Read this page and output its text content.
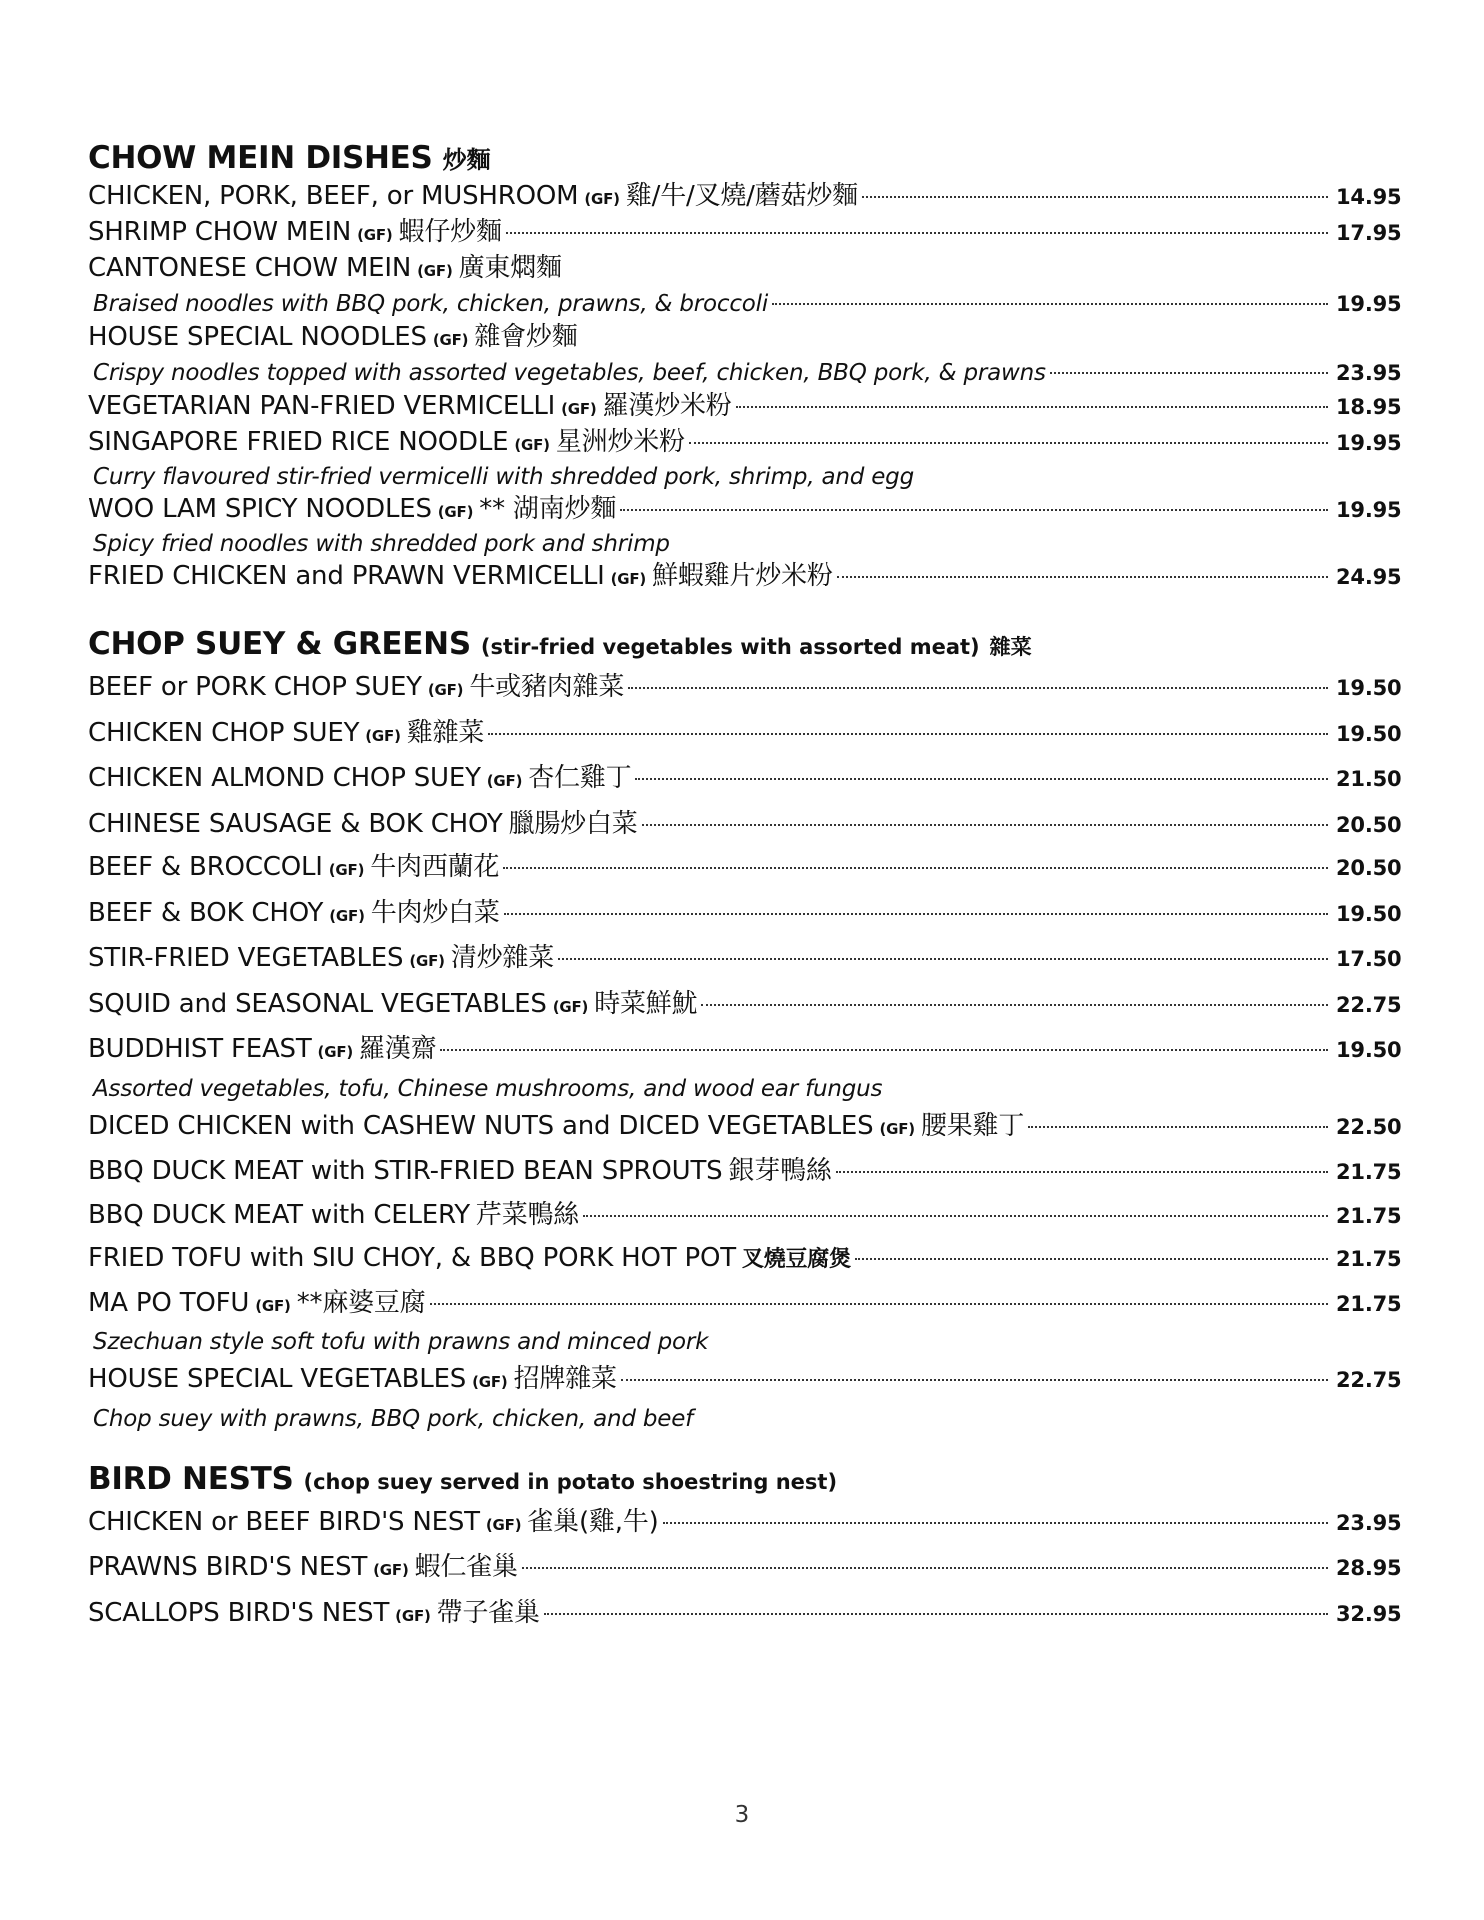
CHOW MEIN DISHES 炒麵
CHICKEN, PORK, BEEF, or MUSHROOM (GF) 雞/牛/叉燒/蘑菇炒麵	14.95
SHRIMP CHOW MEIN (GF) 蝦仔炒麵	17.95
CANTONESE CHOW MEIN (GF) 廣東燜麵
Braised noodles with BBQ pork, chicken, prawns, & broccoli	19.95
HOUSE SPECIAL NOODLES (GF) 雜會炒麵
Crispy noodles topped with assorted vegetables, beef, chicken, BBQ pork, & prawns	23.95
VEGETARIAN PAN-FRIED VERMICELLI (GF) 羅漢炒米粉	18.95
SINGAPORE FRIED RICE NOODLE (GF) 星洲炒米粉	19.95
Curry flavoured stir-fried vermicelli with shredded pork, shrimp, and egg
WOO LAM SPICY NOODLES (GF) ** 湖南炒麵	19.95
Spicy fried noodles with shredded pork and shrimp
FRIED CHICKEN and PRAWN VERMICELLI (GF) 鮮蝦雞片炒米粉	24.95
CHOP SUEY & GREENS (stir-fried vegetables with assorted meat) 雜菜
BEEF or PORK CHOP SUEY (GF) 牛或豬肉雜菜	19.50
CHICKEN CHOP SUEY (GF) 雞雜菜	19.50
CHICKEN ALMOND CHOP SUEY (GF) 杏仁雞丁	21.50
CHINESE SAUSAGE & BOK CHOY 臘腸炒白菜	20.50
BEEF & BROCCOLI (GF) 牛肉西蘭花	20.50
BEEF & BOK CHOY (GF) 牛肉炒白菜	19.50
STIR-FRIED VEGETABLES (GF) 清炒雜菜	17.50
SQUID and SEASONAL VEGETABLES (GF) 時菜鮮魷	22.75
BUDDHIST FEAST (GF) 羅漢齋	19.50
Assorted vegetables, tofu, Chinese mushrooms, and wood ear fungus
DICED CHICKEN with CASHEW NUTS and DICED VEGETABLES (GF) 腰果雞丁	22.50
BBQ DUCK MEAT with STIR-FRIED BEAN SPROUTS 銀芽鴨絲	21.75
BBQ DUCK MEAT with CELERY 芹菜鴨絲	21.75
FRIED TOFU with SIU CHOY, & BBQ PORK HOT POT 叉燒豆腐煲	21.75
MA PO TOFU (GF) **麻婆豆腐	21.75
Szechuan style soft tofu with prawns and minced pork
HOUSE SPECIAL VEGETABLES (GF) 招牌雜菜	22.75
Chop suey with prawns, BBQ pork, chicken, and beef
BIRD NESTS (chop suey served in potato shoestring nest)
CHICKEN or BEEF BIRD'S NEST (GF) 雀巢(雞,牛)	23.95
PRAWNS BIRD'S NEST (GF) 蝦仁雀巢	28.95
SCALLOPS BIRD'S NEST (GF) 帶子雀巢	32.95
3
